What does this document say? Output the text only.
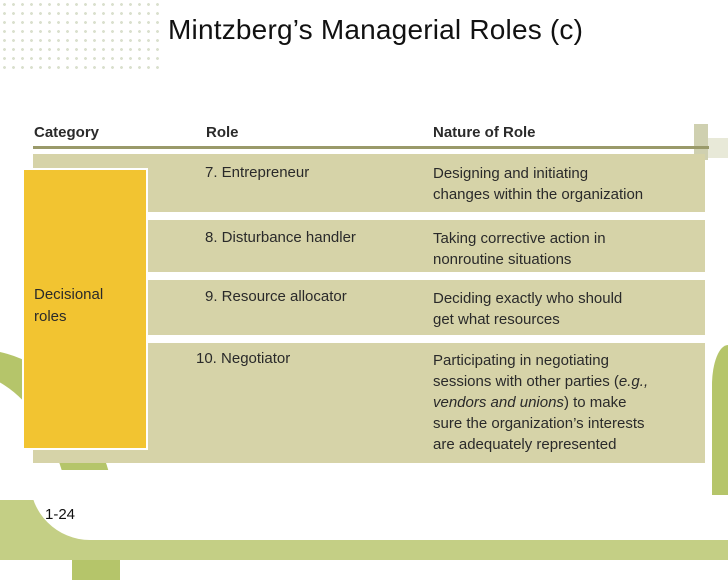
Mintzberg’s Managerial Roles (c)
Category	Role	Nature of Role
Decisional
roles
7. Entrepreneur	Designing and initiating
changes within the organization
8. Disturbance handler	Taking corrective action in
nonroutine situations
9. Resource allocator	Deciding exactly who should
get what resources
10. Negotiator	Participating in negotiating
sessions with other parties (e.g.,
vendors and unions) to make
sure the organization’s interests
are adequately represented
1-24
